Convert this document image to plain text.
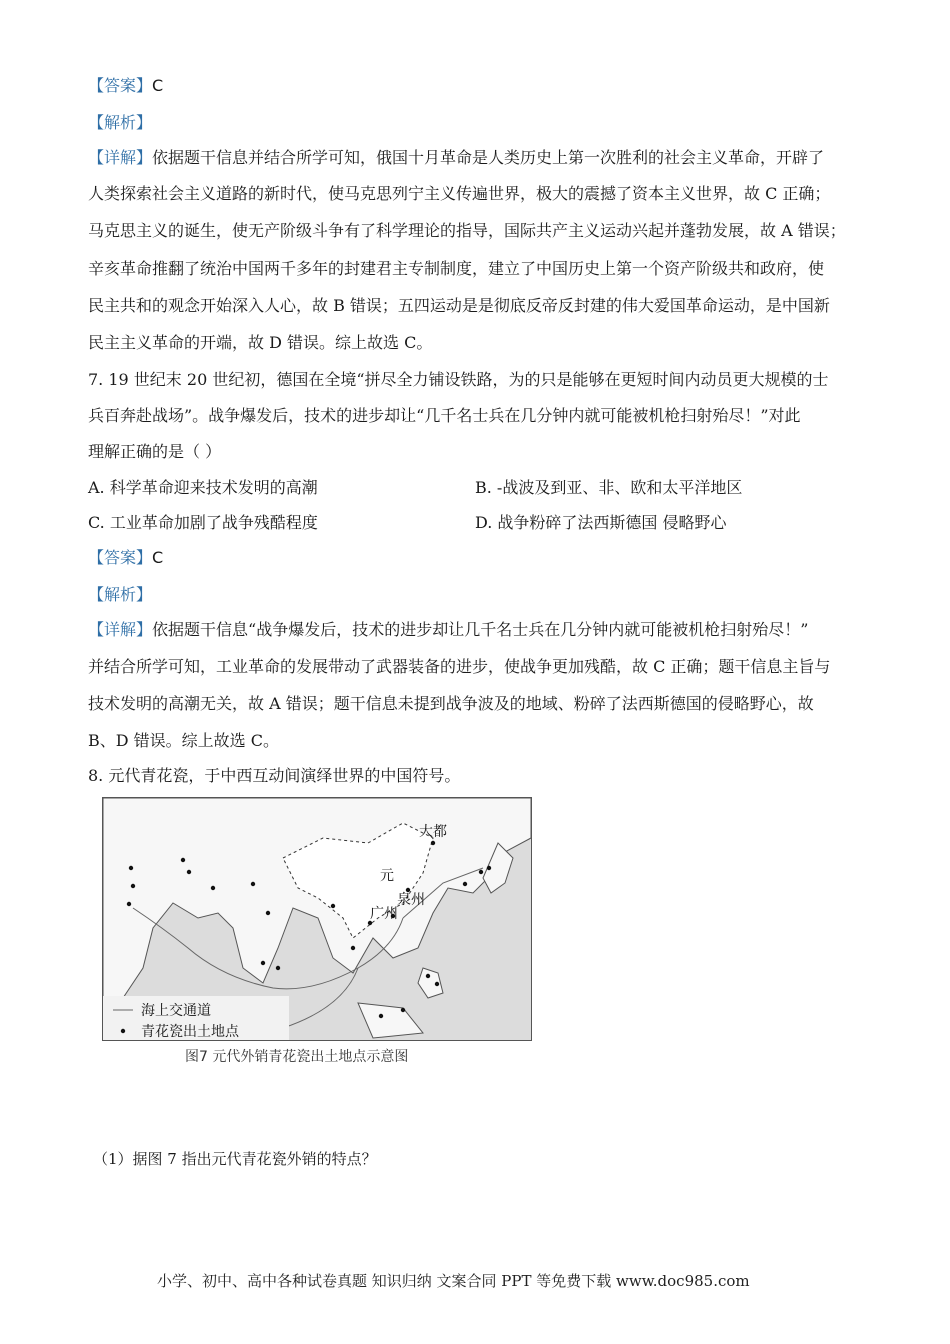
【答案】C
【解析】
【详解】依据题干信息并结合所学可知，俄国十月革命是人类历史上第一次胜利的社会主义革命，开辟了
人类探索社会主义道路的新时代，使马克思列宁主义传遍世界，极大的震撼了资本主义世界，故 C 正确；
马克思主义的诞生，使无产阶级斗争有了科学理论的指导，国际共产主义运动兴起并蓬勃发展，故 A 错误；
辛亥革命推翻了统治中国两千多年的封建君主专制制度，建立了中国历史上第一个资产阶级共和政府，使
民主共和的观念开始深入人心，故 B 错误；五四运动是是彻底反帝反封建的伟大爱国革命运动，是中国新
民主主义革命的开端，故 D 错误。综上故选 C。
7. 19 世纪末 20 世纪初，德国在全境“拼尽全力铺设铁路，为的只是能够在更短时间内动员更大规模的士
兵百奔赴战场”。战争爆发后，技术的进步却让“几千名士兵在几分钟内就可能被机枪扫射殆尽！”对此
理解正确的是（ ）
A. 科学革命迎来技术发明的高潮	B. -战波及到亚、非、欧和太平洋地区
C. 工业革命加剧了战争残酷程度	D. 战争粉碎了法西斯德国 侵略野心
【答案】C
【解析】
【详解】依据题干信息“战争爆发后，技术的进步却让几千名士兵在几分钟内就可能被机枪扫射殆尽！”
并结合所学可知，工业革命的发展带动了武器装备的进步，使战争更加残酷，故 C 正确；题干信息主旨与
技术发明的高潮无关，故 A 错误；题干信息未提到战争波及的地域、粉碎了法西斯德国的侵略野心，故
B、D 错误。综上故选 C。
8. 元代青花瓷，于中西互动间演绎世界的中国符号。
大都
元
泉州
广州
海上交通道
青花瓷出土地点
图7 元代外销青花瓷出土地点示意图
（1）据图 7 指出元代青花瓷外销的特点？
小学、初中、高中各种试卷真题 知识归纳 文案合同 PPT 等免费下载 www.doc985.com
